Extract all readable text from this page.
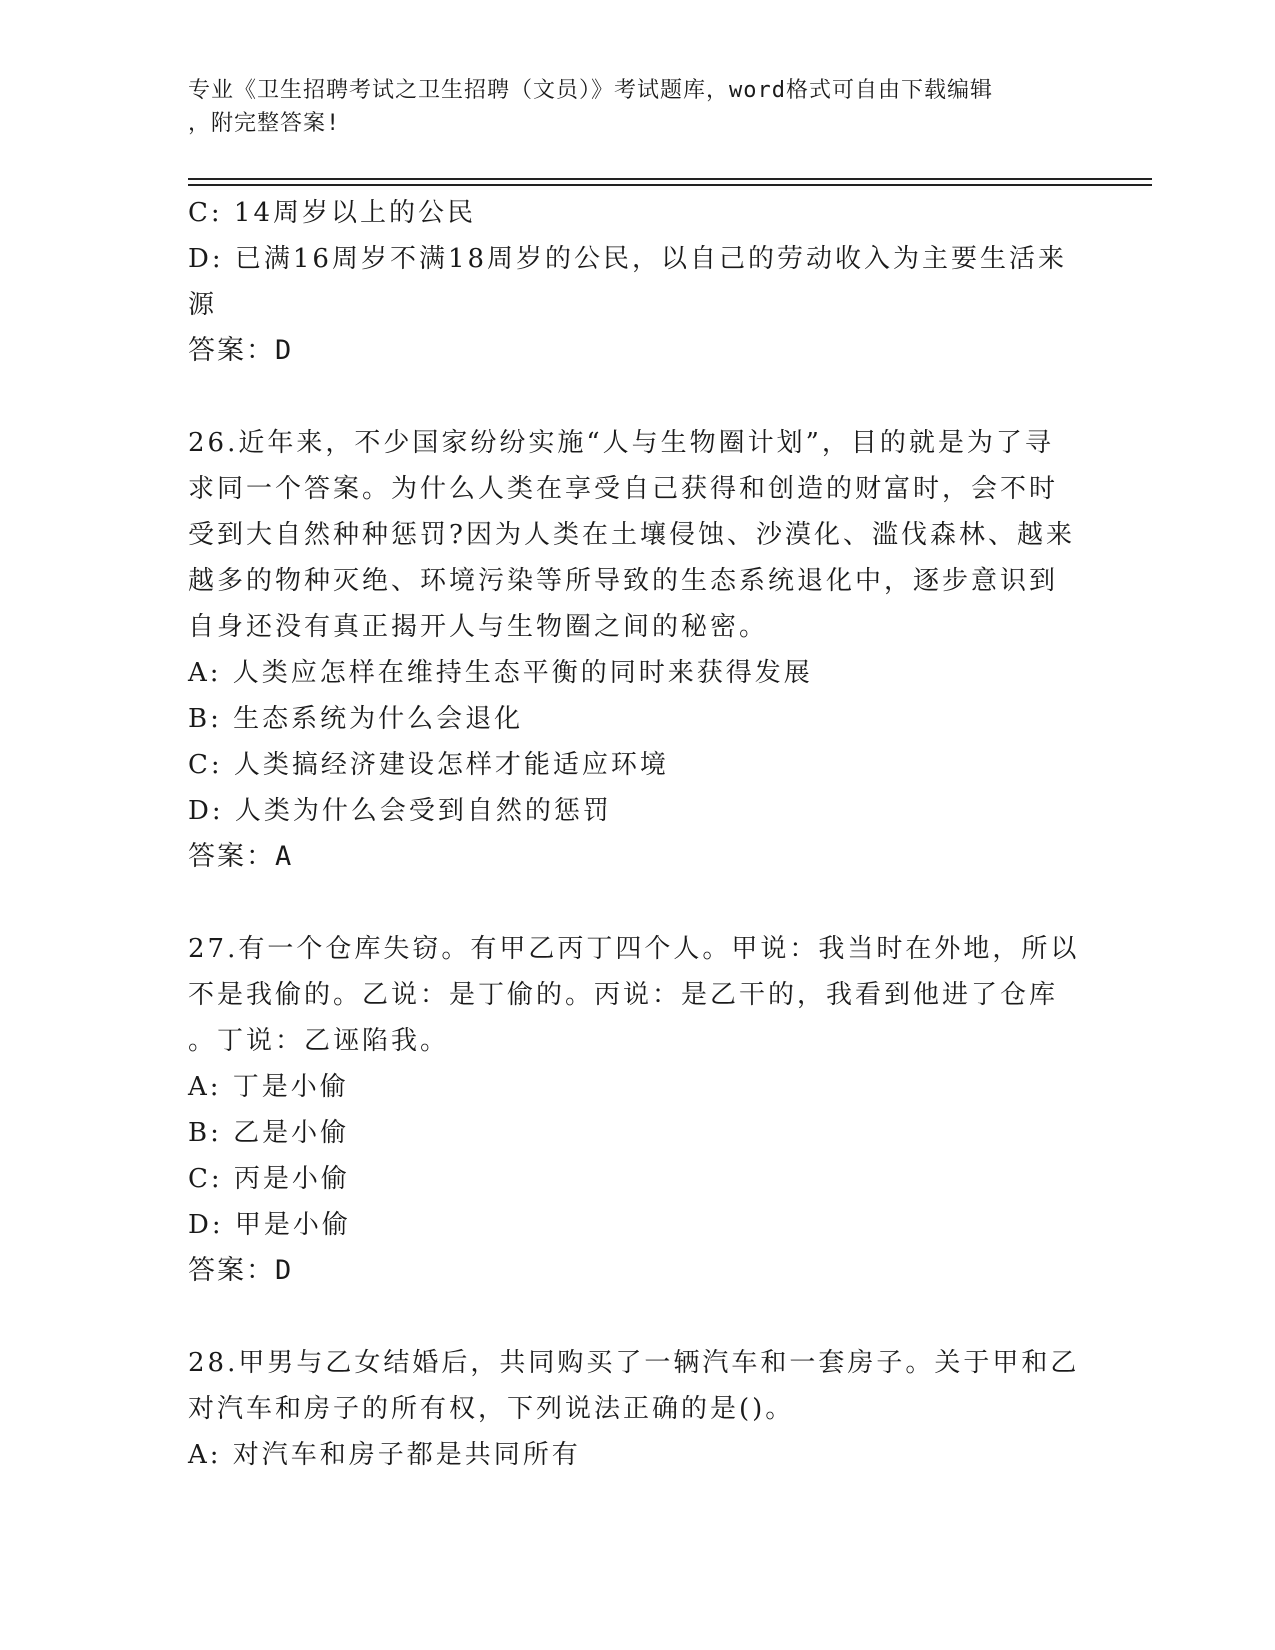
专业《卫生招聘考试之卫生招聘（文员）》考试题库，word格式可自由下载编辑
，附完整答案!
C: 14周岁以上的公民
D: 已满16周岁不满18周岁的公民，以自己的劳动收入为主要生活来
源
答案：D
26.近年来，不少国家纷纷实施“人与生物圈计划”，目的就是为了寻
求同一个答案。为什么人类在享受自己获得和创造的财富时，会不时
受到大自然种种惩罚?因为人类在土壤侵蚀、沙漠化、滥伐森林、越来
越多的物种灭绝、环境污染等所导致的生态系统退化中，逐步意识到
自身还没有真正揭开人与生物圈之间的秘密。
A: 人类应怎样在维持生态平衡的同时来获得发展
B: 生态系统为什么会退化
C: 人类搞经济建设怎样才能适应环境
D: 人类为什么会受到自然的惩罚
答案：A
27.有一个仓库失窃。有甲乙丙丁四个人。甲说：我当时在外地，所以
不是我偷的。乙说：是丁偷的。丙说：是乙干的，我看到他进了仓库
。丁说：乙诬陷我。
A: 丁是小偷
B: 乙是小偷
C: 丙是小偷
D: 甲是小偷
答案：D
28.甲男与乙女结婚后，共同购买了一辆汽车和一套房子。关于甲和乙
对汽车和房子的所有权，下列说法正确的是()。
A: 对汽车和房子都是共同所有
